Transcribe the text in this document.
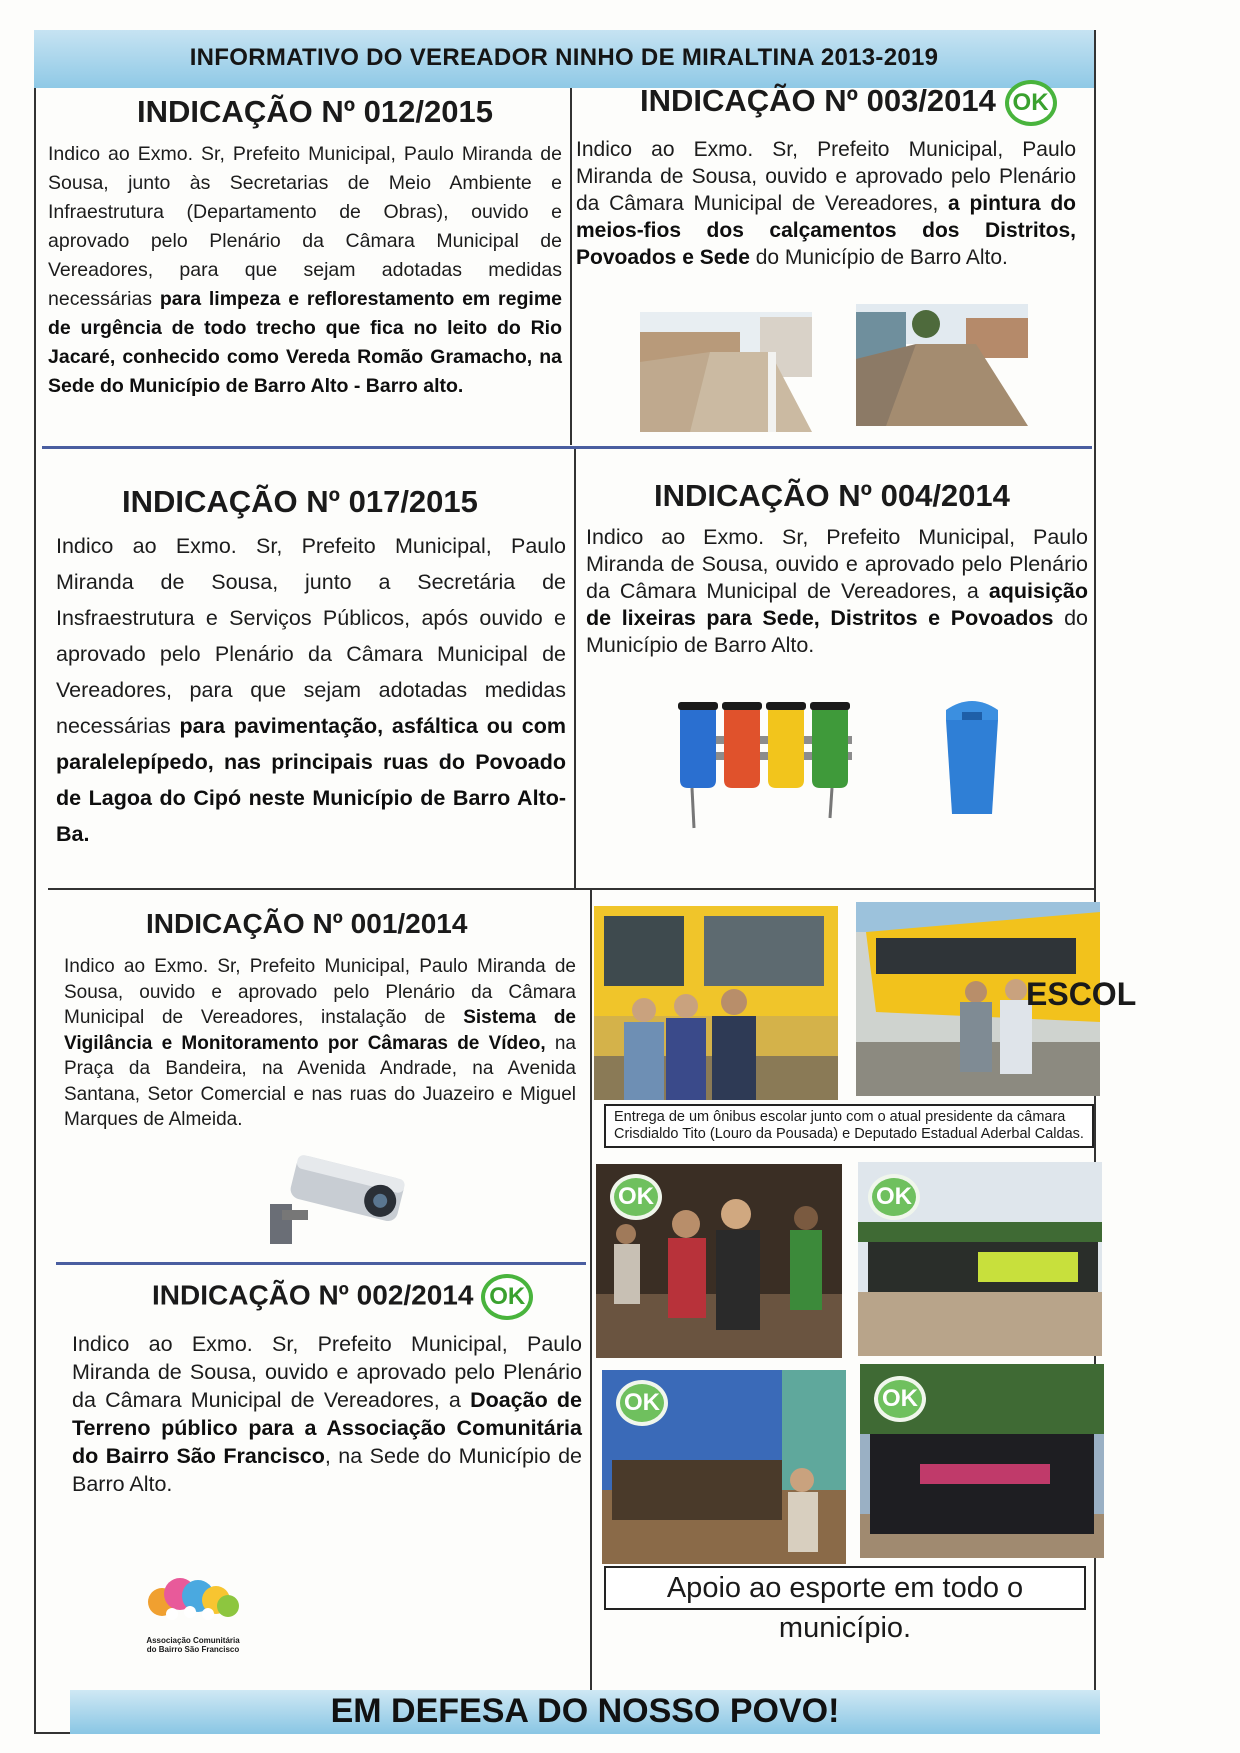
INFORMATIVO DO VEREADOR NINHO DE MIRALTINA 2013-2019
INDICAÇÃO Nº 012/2015

Indico ao Exmo. Sr, Prefeito Municipal, Paulo Miranda de Sousa, junto às Secretarias de Meio Ambiente e Infraestrutura (Departamento de Obras), ouvido e aprovado pelo Plenário da Câmara Municipal de Vereadores, para que sejam adotadas medidas necessárias para limpeza e reflorestamento em regime de urgência de todo trecho que fica no leito do Rio Jacaré, conhecido como Vereda Romão Gramacho, na Sede do Município de Barro Alto - Barro alto.

INDICAÇÃO Nº 003/2014 OK

Indico ao Exmo. Sr, Prefeito Municipal, Paulo Miranda de Sousa, ouvido e aprovado pelo Plenário da Câmara Municipal de Vereadores, a pintura do meios-fios dos calçamentos dos Distritos, Povoados e Sede do Município de Barro Alto.

INDICAÇÃO Nº 017/2015

Indico ao Exmo. Sr, Prefeito Municipal, Paulo Miranda de Sousa, junto a Secretária de Insfraestrutura e Serviços Públicos, após ouvido e aprovado pelo Plenário da Câmara Municipal de Vereadores, para que sejam adotadas medidas necessárias para pavimentação, asfáltica ou com paralelepípedo, nas principais ruas do Povoado de Lagoa do Cipó neste Município de Barro Alto-Ba.

INDICAÇÃO Nº 004/2014

Indico ao Exmo. Sr, Prefeito Municipal, Paulo Miranda de Sousa, ouvido e aprovado pelo Plenário da Câmara Municipal de Vereadores, a aquisição de lixeiras para Sede, Distritos e Povoados do Município de Barro Alto.

INDICAÇÃO Nº 001/2014

Indico ao Exmo. Sr, Prefeito Municipal, Paulo Miranda de Sousa, ouvido e aprovado pelo Plenário da Câmara Municipal de Vereadores, instalação de Sistema de Vigilância e Monitoramento por Câmaras de Vídeo, na Praça da Bandeira, na Avenida Andrade, na Avenida Santana, Setor Comercial e nas ruas do Juazeiro e Miguel Marques de Almeida.

INDICAÇÃO Nº 002/2014 OK

Indico ao Exmo. Sr, Prefeito Municipal, Paulo Miranda de Sousa, ouvido e aprovado pelo Plenário da Câmara Municipal de Vereadores, a Doação de Terreno público para a Associação Comunitária do Bairro São Francisco, na Sede do Município de Barro Alto.

Associação Comunitária
do Bairro São Francisco
ESCOL
Entrega de um ônibus escolar junto com o atual presidente da câmara Crisdialdo Tito (Louro da Pousada) e Deputado Estadual Aderbal Caldas.
OK	OK
OK	OK
Apoio ao esporte em todo o município.
EM DEFESA DO NOSSO POVO!
